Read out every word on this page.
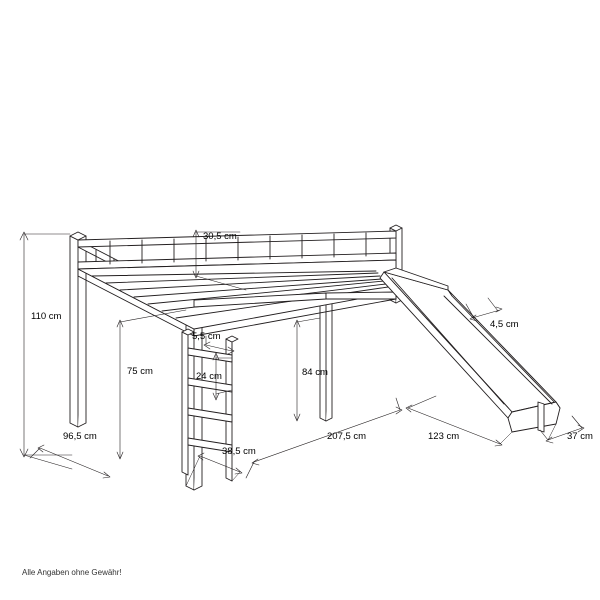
110 cm
30,5 cm
75 cm
5,5 cm
24 cm	84 cm
4,5 cm
96,5 cm
38,5 cm
207,5 cm	123 cm	37 cm
Alle Angaben ohne Gewähr!
